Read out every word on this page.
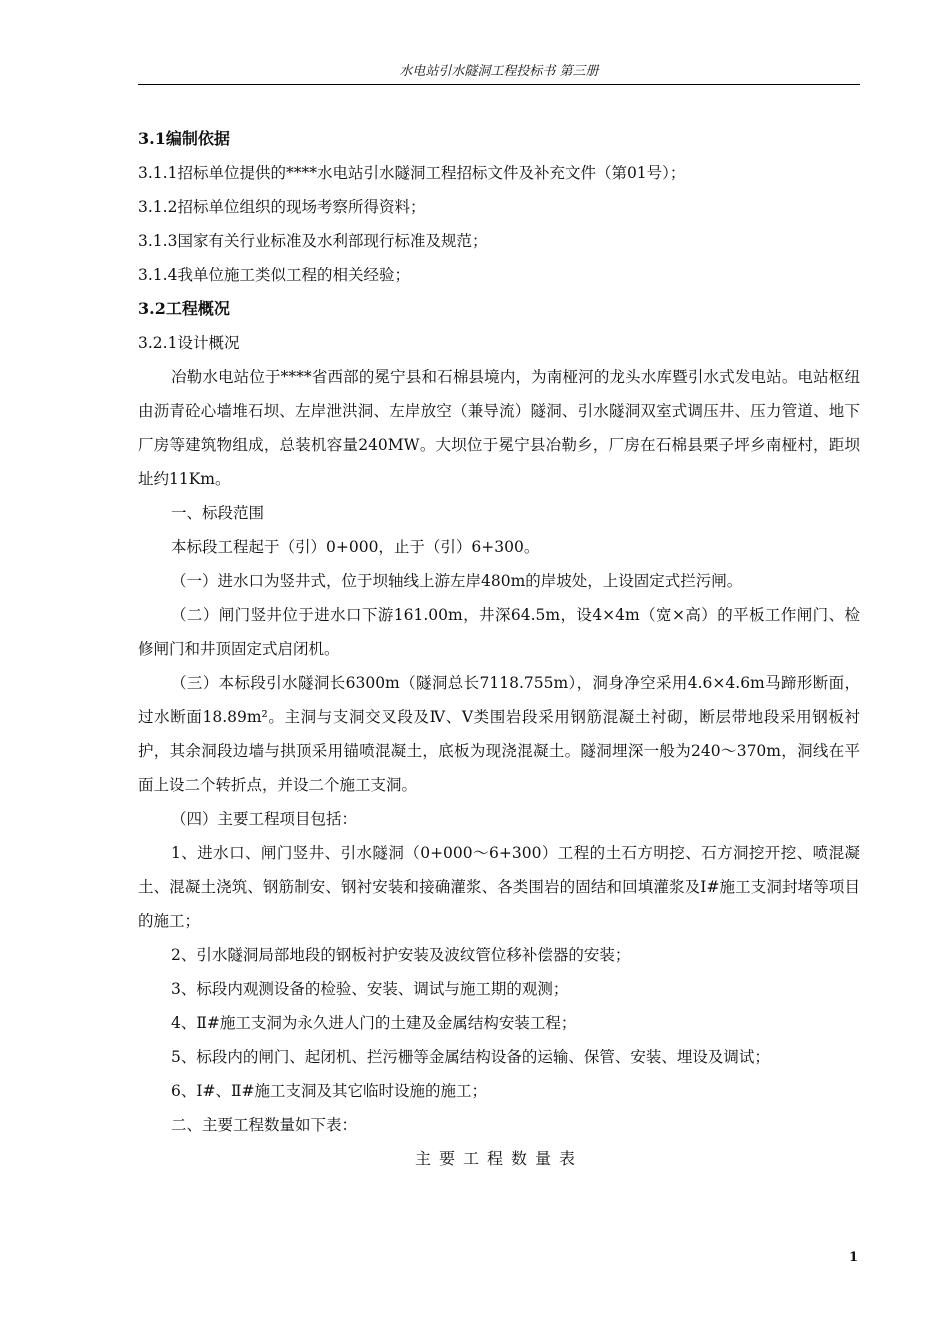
水电站引水隧洞工程投标书 第三册
3.1编制依据
3.1.1招标单位提供的****水电站引水隧洞工程招标文件及补充文件（第01号）；
3.1.2招标单位组织的现场考察所得资料；
3.1.3国家有关行业标准及水利部现行标准及规范；
3.1.4我单位施工类似工程的相关经验；
3.2工程概况
3.2.1设计概况
冶勒水电站位于****省西部的冕宁县和石棉县境内，为南桠河的龙头水库暨引水式发电站。电站枢纽由沥青砼心墙堆石坝、左岸泄洪洞、左岸放空（兼导流）隧洞、引水隧洞双室式调压井、压力管道、地下厂房等建筑物组成，总装机容量240MW。大坝位于冕宁县冶勒乡，厂房在石棉县栗子坪乡南桠村，距坝址约11Km。
一、标段范围
本标段工程起于（引）0+000，止于（引）6+300。
（一）进水口为竖井式，位于坝轴线上游左岸480m的岸坡处，上设固定式拦污闸。
（二）闸门竖井位于进水口下游161.00m，井深64.5m，设4×4m（宽×高）的平板工作闸门、检修闸门和井顶固定式启闭机。
（三）本标段引水隧洞长6300m（隧洞总长7118.755m），洞身净空采用4.6×4.6m马蹄形断面，过水断面18.89m²。主洞与支洞交叉段及Ⅳ、Ⅴ类围岩段采用钢筋混凝土衬砌，断层带地段采用钢板衬护，其余洞段边墙与拱顶采用锚喷混凝土，底板为现浇混凝土。隧洞埋深一般为240～370m，洞线在平面上设二个转折点，并设二个施工支洞。
（四）主要工程项目包括：
1、进水口、闸门竖井、引水隧洞（0+000～6+300）工程的土石方明挖、石方洞挖开挖、喷混凝土、混凝土浇筑、钢筋制安、钢衬安装和接确灌浆、各类围岩的固结和回填灌浆及Ⅰ#施工支洞封堵等项目的施工；
2、引水隧洞局部地段的钢板衬护安装及波纹管位移补偿器的安装；
3、标段内观测设备的检验、安装、调试与施工期的观测；
4、Ⅱ#施工支洞为永久进人门的土建及金属结构安装工程；
5、标段内的闸门、起闭机、拦污栅等金属结构设备的运输、保管、安装、埋设及调试；
6、Ⅰ#、Ⅱ#施工支洞及其它临时设施的施工；
二、主要工程数量如下表：
主要工程数量表
1
